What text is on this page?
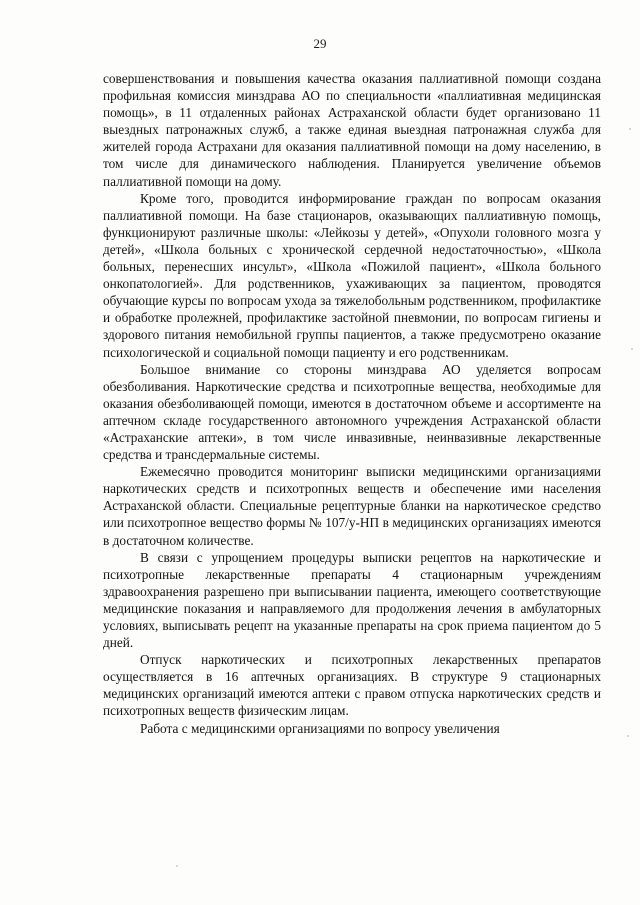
29

совершенствования и повышения качества оказания паллиативной помощи создана профильная комиссия минздрава АО по специальности «паллиативная медицинская помощь», в 11 отдаленных районах Астраханской области будет организовано 11 выездных патронажных служб, а также единая выездная патронажная служба для жителей города Астрахани для оказания паллиативной помощи на дому населению, в том числе для динамического наблюдения. Планируется увеличение объемов паллиативной помощи на дому.

Кроме того, проводится информирование граждан по вопросам оказания паллиативной помощи. На базе стационаров, оказывающих паллиативную помощь, функционируют различные школы: «Лейкозы у детей», «Опухоли головного мозга у детей», «Школа больных с хронической сердечной недостаточностью», «Школа больных, перенесших инсульт», «Школа «Пожилой пациент», «Школа больного онкопатологией». Для родственников, ухаживающих за пациентом, проводятся обучающие курсы по вопросам ухода за тяжелобольным родственником, профилактике и обработке пролежней, профилактике застойной пневмонии, по вопросам гигиены и здорового питания немобильной группы пациентов, а также предусмотрено оказание психологической и социальной помощи пациенту и его родственникам.

Большое внимание со стороны минздрава АО уделяется вопросам обезболивания. Наркотические средства и психотропные вещества, необходимые для оказания обезболивающей помощи, имеются в достаточном объеме и ассортименте на аптечном складе государственного автономного учреждения Астраханской области «Астраханские аптеки», в том числе инвазивные, неинвазивные лекарственные средства и трансдермальные системы.

Ежемесячно проводится мониторинг выписки медицинскими организациями наркотических средств и психотропных веществ и обеспечение ими населения Астраханской области. Специальные рецептурные бланки на наркотическое средство или психотропное вещество формы № 107/у-НП в медицинских организациях имеются в достаточном количестве.

В связи с упрощением процедуры выписки рецептов на наркотические и психотропные лекарственные препараты 4 стационарным учреждениям здравоохранения разрешено при выписывании пациента, имеющего соответствующие медицинские показания и направляемого для продолжения лечения в амбулаторных условиях, выписывать рецепт на указанные препараты на срок приема пациентом до 5 дней.

Отпуск наркотических и психотропных лекарственных препаратов осуществляется в 16 аптечных организациях. В структуре 9 стационарных медицинских организаций имеются аптеки с правом отпуска наркотических средств и психотропных веществ физическим лицам.

Работа с медицинскими организациями по вопросу увеличения
